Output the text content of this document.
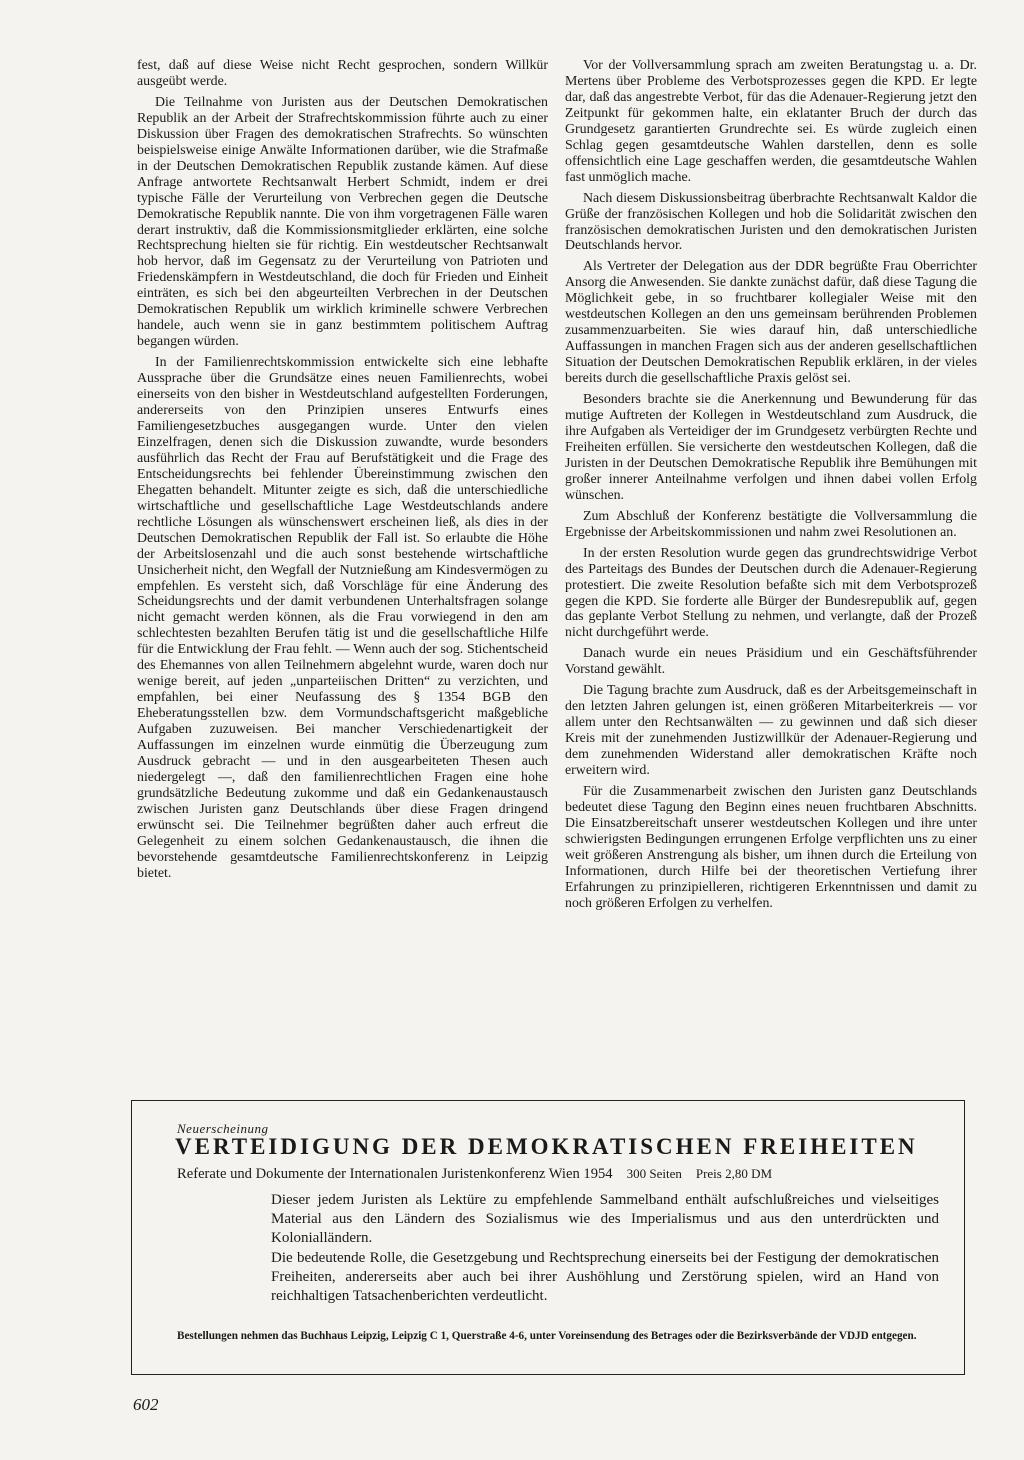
fest, daß auf diese Weise nicht Recht gesprochen, sondern Willkür ausgeübt werde.

Die Teilnahme von Juristen aus der Deutschen Demokratischen Republik an der Arbeit der Strafrechtskommission führte auch zu einer Diskussion über Fragen des demokratischen Strafrechts. So wünschten beispielsweise einige Anwälte Informationen darüber, wie die Strafmaße in der Deutschen Demokratischen Republik zustande kämen. Auf diese Anfrage antwortete Rechtsanwalt Herbert Schmidt, indem er drei typische Fälle der Verurteilung von Verbrechen gegen die Deutsche Demokratische Republik nannte. Die von ihm vorgetragenen Fälle waren derart instruktiv, daß die Kommissionsmitglieder erklärten, eine solche Rechtsprechung hielten sie für richtig. Ein westdeutscher Rechtsanwalt hob hervor, daß im Gegensatz zu der Verurteilung von Patrioten und Friedenskämpfern in Westdeutschland, die doch für Frieden und Einheit einträten, es sich bei den abgeurteilten Verbrechen in der Deutschen Demokratischen Republik um wirklich kriminelle schwere Verbrechen handele, auch wenn sie in ganz bestimmtem politischem Auftrag begangen würden.

In der Familienrechtskommission entwickelte sich eine lebhafte Aussprache über die Grundsätze eines neuen Familienrechts, wobei einerseits von den bisher in Westdeutschland aufgestellten Forderungen, andererseits von den Prinzipien unseres Entwurfs eines Familiengesetzbuches ausgegangen wurde. Unter den vielen Einzelfragen, denen sich die Diskussion zuwandte, wurde besonders ausführlich das Recht der Frau auf Berufstätigkeit und die Frage des Entscheidungsrechts bei fehlender Übereinstimmung zwischen den Ehegatten behandelt. Mitunter zeigte es sich, daß die unterschiedliche wirtschaftliche und gesellschaftliche Lage Westdeutschlands andere rechtliche Lösungen als wünschenswert erscheinen ließ, als dies in der Deutschen Demokratischen Republik der Fall ist. So erlaubte die Höhe der Arbeitslosenzahl und die auch sonst bestehende wirtschaftliche Unsicherheit nicht, den Wegfall der Nutznießung am Kindesvermögen zu empfehlen. Es versteht sich, daß Vorschläge für eine Änderung des Scheidungsrechts und der damit verbundenen Unterhaltsfragen solange nicht gemacht werden können, als die Frau vorwiegend in den am schlechtesten bezahlten Berufen tätig ist und die gesellschaftliche Hilfe für die Entwicklung der Frau fehlt. — Wenn auch der sog. Stichentscheid des Ehemannes von allen Teilnehmern abgelehnt wurde, waren doch nur wenige bereit, auf jeden „unparteiischen Dritten“ zu verzichten, und empfahlen, bei einer Neufassung des § 1354 BGB den Eheberatungsstellen bzw. dem Vormundschaftsgericht maßgebliche Aufgaben zuzuweisen. Bei mancher Verschiedenartigkeit der Auffassungen im einzelnen wurde einmütig die Überzeugung zum Ausdruck gebracht — und in den ausgearbeiteten Thesen auch niedergelegt —, daß den familienrechtlichen Fragen eine hohe grundsätzliche Bedeutung zukomme und daß ein Gedankenaustausch zwischen Juristen ganz Deutschlands über diese Fragen dringend erwünscht sei. Die Teilnehmer begrüßten daher auch erfreut die Gelegenheit zu einem solchen Gedankenaustausch, die ihnen die bevorstehende gesamtdeutsche Familienrechtskonferenz in Leipzig bietet.

Vor der Vollversammlung sprach am zweiten Beratungstag u. a. Dr. Mertens über Probleme des Verbotsprozesses gegen die KPD. Er legte dar, daß das angestrebte Verbot, für das die Adenauer-Regierung jetzt den Zeitpunkt für gekommen halte, ein eklatanter Bruch der durch das Grundgesetz garantierten Grundrechte sei. Es würde zugleich einen Schlag gegen gesamtdeutsche Wahlen darstellen, denn es solle offensichtlich eine Lage geschaffen werden, die gesamtdeutsche Wahlen fast unmöglich mache.

Nach diesem Diskussionsbeitrag überbrachte Rechtsanwalt Kaldor die Grüße der französischen Kollegen und hob die Solidarität zwischen den französischen demokratischen Juristen und den demokratischen Juristen Deutschlands hervor.

Als Vertreter der Delegation aus der DDR begrüßte Frau Oberrichter Ansorg die Anwesenden. Sie dankte zunächst dafür, daß diese Tagung die Möglichkeit gebe, in so fruchtbarer kollegialer Weise mit den westdeutschen Kollegen an den uns gemeinsam berührenden Problemen zusammenzuarbeiten. Sie wies darauf hin, daß unterschiedliche Auffassungen in manchen Fragen sich aus der anderen gesellschaftlichen Situation der Deutschen Demokratischen Republik erklären, in der vieles bereits durch die gesellschaftliche Praxis gelöst sei.

Besonders brachte sie die Anerkennung und Bewunderung für das mutige Auftreten der Kollegen in Westdeutschland zum Ausdruck, die ihre Aufgaben als Verteidiger der im Grundgesetz verbürgten Rechte und Freiheiten erfüllen. Sie versicherte den westdeutschen Kollegen, daß die Juristen in der Deutschen Demokratische Republik ihre Bemühungen mit großer innerer Anteilnahme verfolgen und ihnen dabei vollen Erfolg wünschen.

Zum Abschluß der Konferenz bestätigte die Vollversammlung die Ergebnisse der Arbeitskommissionen und nahm zwei Resolutionen an.

In der ersten Resolution wurde gegen das grundrechtswidrige Verbot des Parteitags des Bundes der Deutschen durch die Adenauer-Regierung protestiert. Die zweite Resolution befaßte sich mit dem Verbotsprozeß gegen die KPD. Sie forderte alle Bürger der Bundesrepublik auf, gegen das geplante Verbot Stellung zu nehmen, und verlangte, daß der Prozeß nicht durchgeführt werde.

Danach wurde ein neues Präsidium und ein Geschäftsführender Vorstand gewählt.

Die Tagung brachte zum Ausdruck, daß es der Arbeitsgemeinschaft in den letzten Jahren gelungen ist, einen größeren Mitarbeiterkreis — vor allem unter den Rechtsanwälten — zu gewinnen und daß sich dieser Kreis mit der zunehmenden Justizwillkür der Adenauer-Regierung und dem zunehmenden Widerstand aller demokratischen Kräfte noch erweitern wird.

Für die Zusammenarbeit zwischen den Juristen ganz Deutschlands bedeutet diese Tagung den Beginn eines neuen fruchtbaren Abschnitts. Die Einsatzbereitschaft unserer westdeutschen Kollegen und ihre unter schwierigsten Bedingungen errungenen Erfolge verpflichten uns zu einer weit größeren Anstrengung als bisher, um ihnen durch die Erteilung von Informationen, durch Hilfe bei der theoretischen Vertiefung ihrer Erfahrungen zu prinzipielleren, richtigeren Erkenntnissen und damit zu noch größeren Erfolgen zu verhelfen.

Neuerscheinung
VERTEIDIGUNG DER DEMOKRATISCHEN FREIHEITEN
Referate und Dokumente der Internationalen Juristenkonferenz Wien 1954 300 Seiten Preis 2,80 DM

Dieser jedem Juristen als Lektüre zu empfehlende Sammelband enthält aufschlußreiches und vielseitiges Material aus den Ländern des Sozialismus wie des Imperialismus und aus den unterdrückten und Kolonialländern.

Die bedeutende Rolle, die Gesetzgebung und Rechtsprechung einerseits bei der Festigung der demokratischen Freiheiten, andererseits aber auch bei ihrer Aushöhlung und Zerstörung spielen, wird an Hand von reichhaltigen Tatsachenberichten verdeutlicht.

Bestellungen nehmen das Buchhaus Leipzig, Leipzig C 1, Querstraße 4-6, unter Voreinsendung des Betrages oder die Bezirksverbände der VDJD entgegen.
602
